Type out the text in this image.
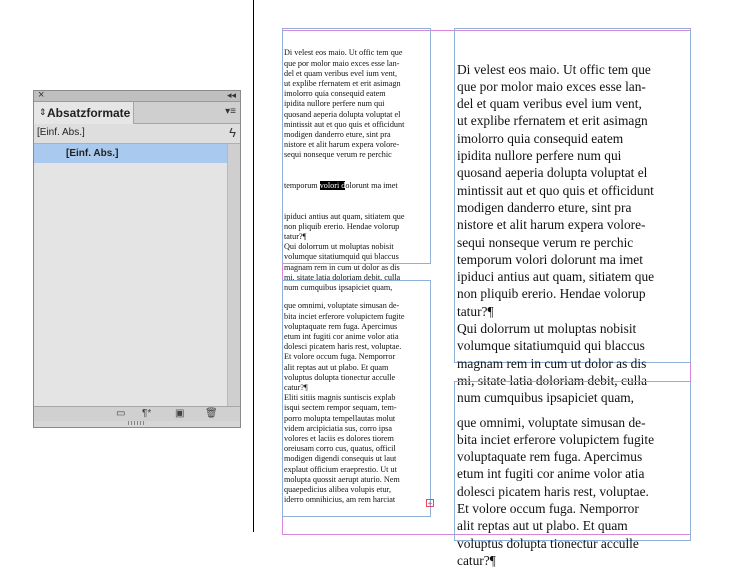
×	◂◂
⇕ Absatzformate	▾≡
[Einf. Abs.]	ϟ
[Einf. Abs.]
▭ ¶* ▣ 🗑

Di velest eos maio. Ut offic tem que
que por molor maio exces esse lan-
del et quam veribus evel ium vent,
ut explibe rfernatem et erit asimagn
imolorro quia consequid eatem
ipidita nullore perfere num qui
quosand aeperia dolupta voluptat el
mintissit aut et quo quis et officidunt
modigen danderro eture, sint pra
nistore et alit harum expera volore-
sequi nonseque verum re perchic

temporum volori dolorunt ma imet

ipiduci antius aut quam, sitiatem que
non pliquib ererio. Hendae volorup
tatur?¶
Qui dolorrum ut moluptas nobisit
volumque sitatiumquid qui blaccus
magnam rem in cum ut dolor as dis
mi, sitate latia doloriam debit, culla
num cumquibus ipsapiciet quam,

que omnimi, voluptate simusan de-
bita inciet erferore volupictem fugite
voluptaquate rem fuga. Apercimus
etum int fugiti cor anime volor atia
dolesci picatem haris rest, voluptae.
Et volore occum fuga. Nemporror
alit reptas aut ut plabo. Et quam
voluptus dolupta tionectur acculle
catur?¶
Eliti sitiis magnis suntiscis explab
isqui sectem rempor sequam, tem-
porro molupta tempellautas molut
videm arcipiciatia sus, corro ipsa
volores et laciis es dolores tiorem
oreiusam corro cus, quatus, officil
modigen digendi consequis ut laut
explaut officium eraeprestio. Ut ut
molupta quossit aerupt aturio. Nem
quaepedicius alibea volupis etur,
iderro omnihicius, am rem harciat	+

Di velest eos maio. Ut offic tem que
que por molor maio exces esse lan-
del et quam veribus evel ium vent,
ut explibe rfernatem et erit asimagn
imolorro quia consequid eatem
ipidita nullore perfere num qui
quosand aeperia dolupta voluptat el
mintissit aut et quo quis et officidunt
modigen danderro eture, sint pra
nistore et alit harum expera volore-
sequi nonseque verum re perchic
temporum volori dolorunt ma imet
ipiduci antius aut quam, sitiatem que
non pliquib ererio. Hendae volorup
tatur?¶
Qui dolorrum ut moluptas nobisit
volumque sitatiumquid qui blaccus
magnam rem in cum ut dolor as dis
mi, sitate latia doloriam debit, culla
num cumquibus ipsapiciet quam,

que omnimi, voluptate simusan de-
bita inciet erferore volupictem fugite
voluptaquate rem fuga. Apercimus
etum int fugiti cor anime volor atia
dolesci picatem haris rest, voluptae.
Et volore occum fuga. Nemporror
alit reptas aut ut plabo. Et quam
voluptus dolupta tionectur acculle
catur?¶
